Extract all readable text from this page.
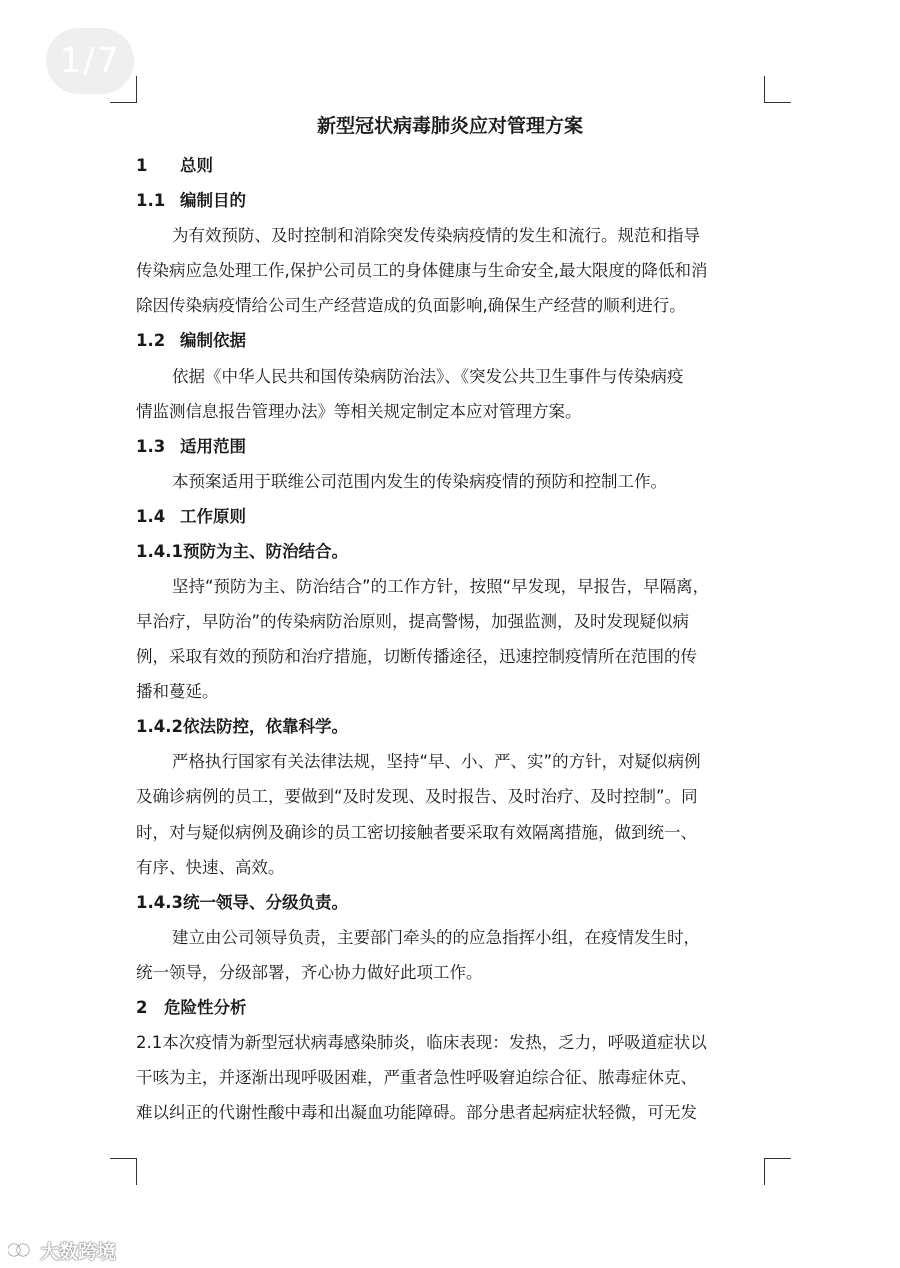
1/7
新型冠状病毒肺炎应对管理方案
1 总则
1.1 编制目的
为有效预防、及时控制和消除突发传染病疫情的发生和流行。规范和指导
传染病应急处理工作,保护公司员工的身体健康与生命安全,最大限度的降低和消
除因传染病疫情给公司生产经营造成的负面影响,确保生产经营的顺利进行。
1.2 编制依据
依据《中华人民共和国传染病防治法》、《突发公共卫生事件与传染病疫
情监测信息报告管理办法》等相关规定制定本应对管理方案。
1.3 适用范围
本预案适用于联维公司范围内发生的传染病疫情的预防和控制工作。
1.4 工作原则
1.4.1预防为主、防治结合。
坚持“预防为主、防治结合”的工作方针，按照“早发现，早报告，早隔离，
早治疗，早防治”的传染病防治原则，提高警惕，加强监测，及时发现疑似病
例，采取有效的预防和治疗措施，切断传播途径，迅速控制疫情所在范围的传
播和蔓延。
1.4.2依法防控，依靠科学。
严格执行国家有关法律法规，坚持“早、小、严、实”的方针，对疑似病例
及确诊病例的员工，要做到“及时发现、及时报告、及时治疗、及时控制”。同
时，对与疑似病例及确诊的员工密切接触者要采取有效隔离措施，做到统一、
有序、快速、高效。
1.4.3统一领导、分级负责。
建立由公司领导负责，主要部门牵头的的应急指挥小组，在疫情发生时，
统一领导，分级部署，齐心协力做好此项工作。
2 危险性分析
2.1本次疫情为新型冠状病毒感染肺炎，临床表现：发热，乏力，呼吸道症状以
干咳为主，并逐渐出现呼吸困难，严重者急性呼吸窘迫综合征、脓毒症休克、
难以纠正的代谢性酸中毒和出凝血功能障碍。部分患者起病症状轻微，可无发
大数跨境
